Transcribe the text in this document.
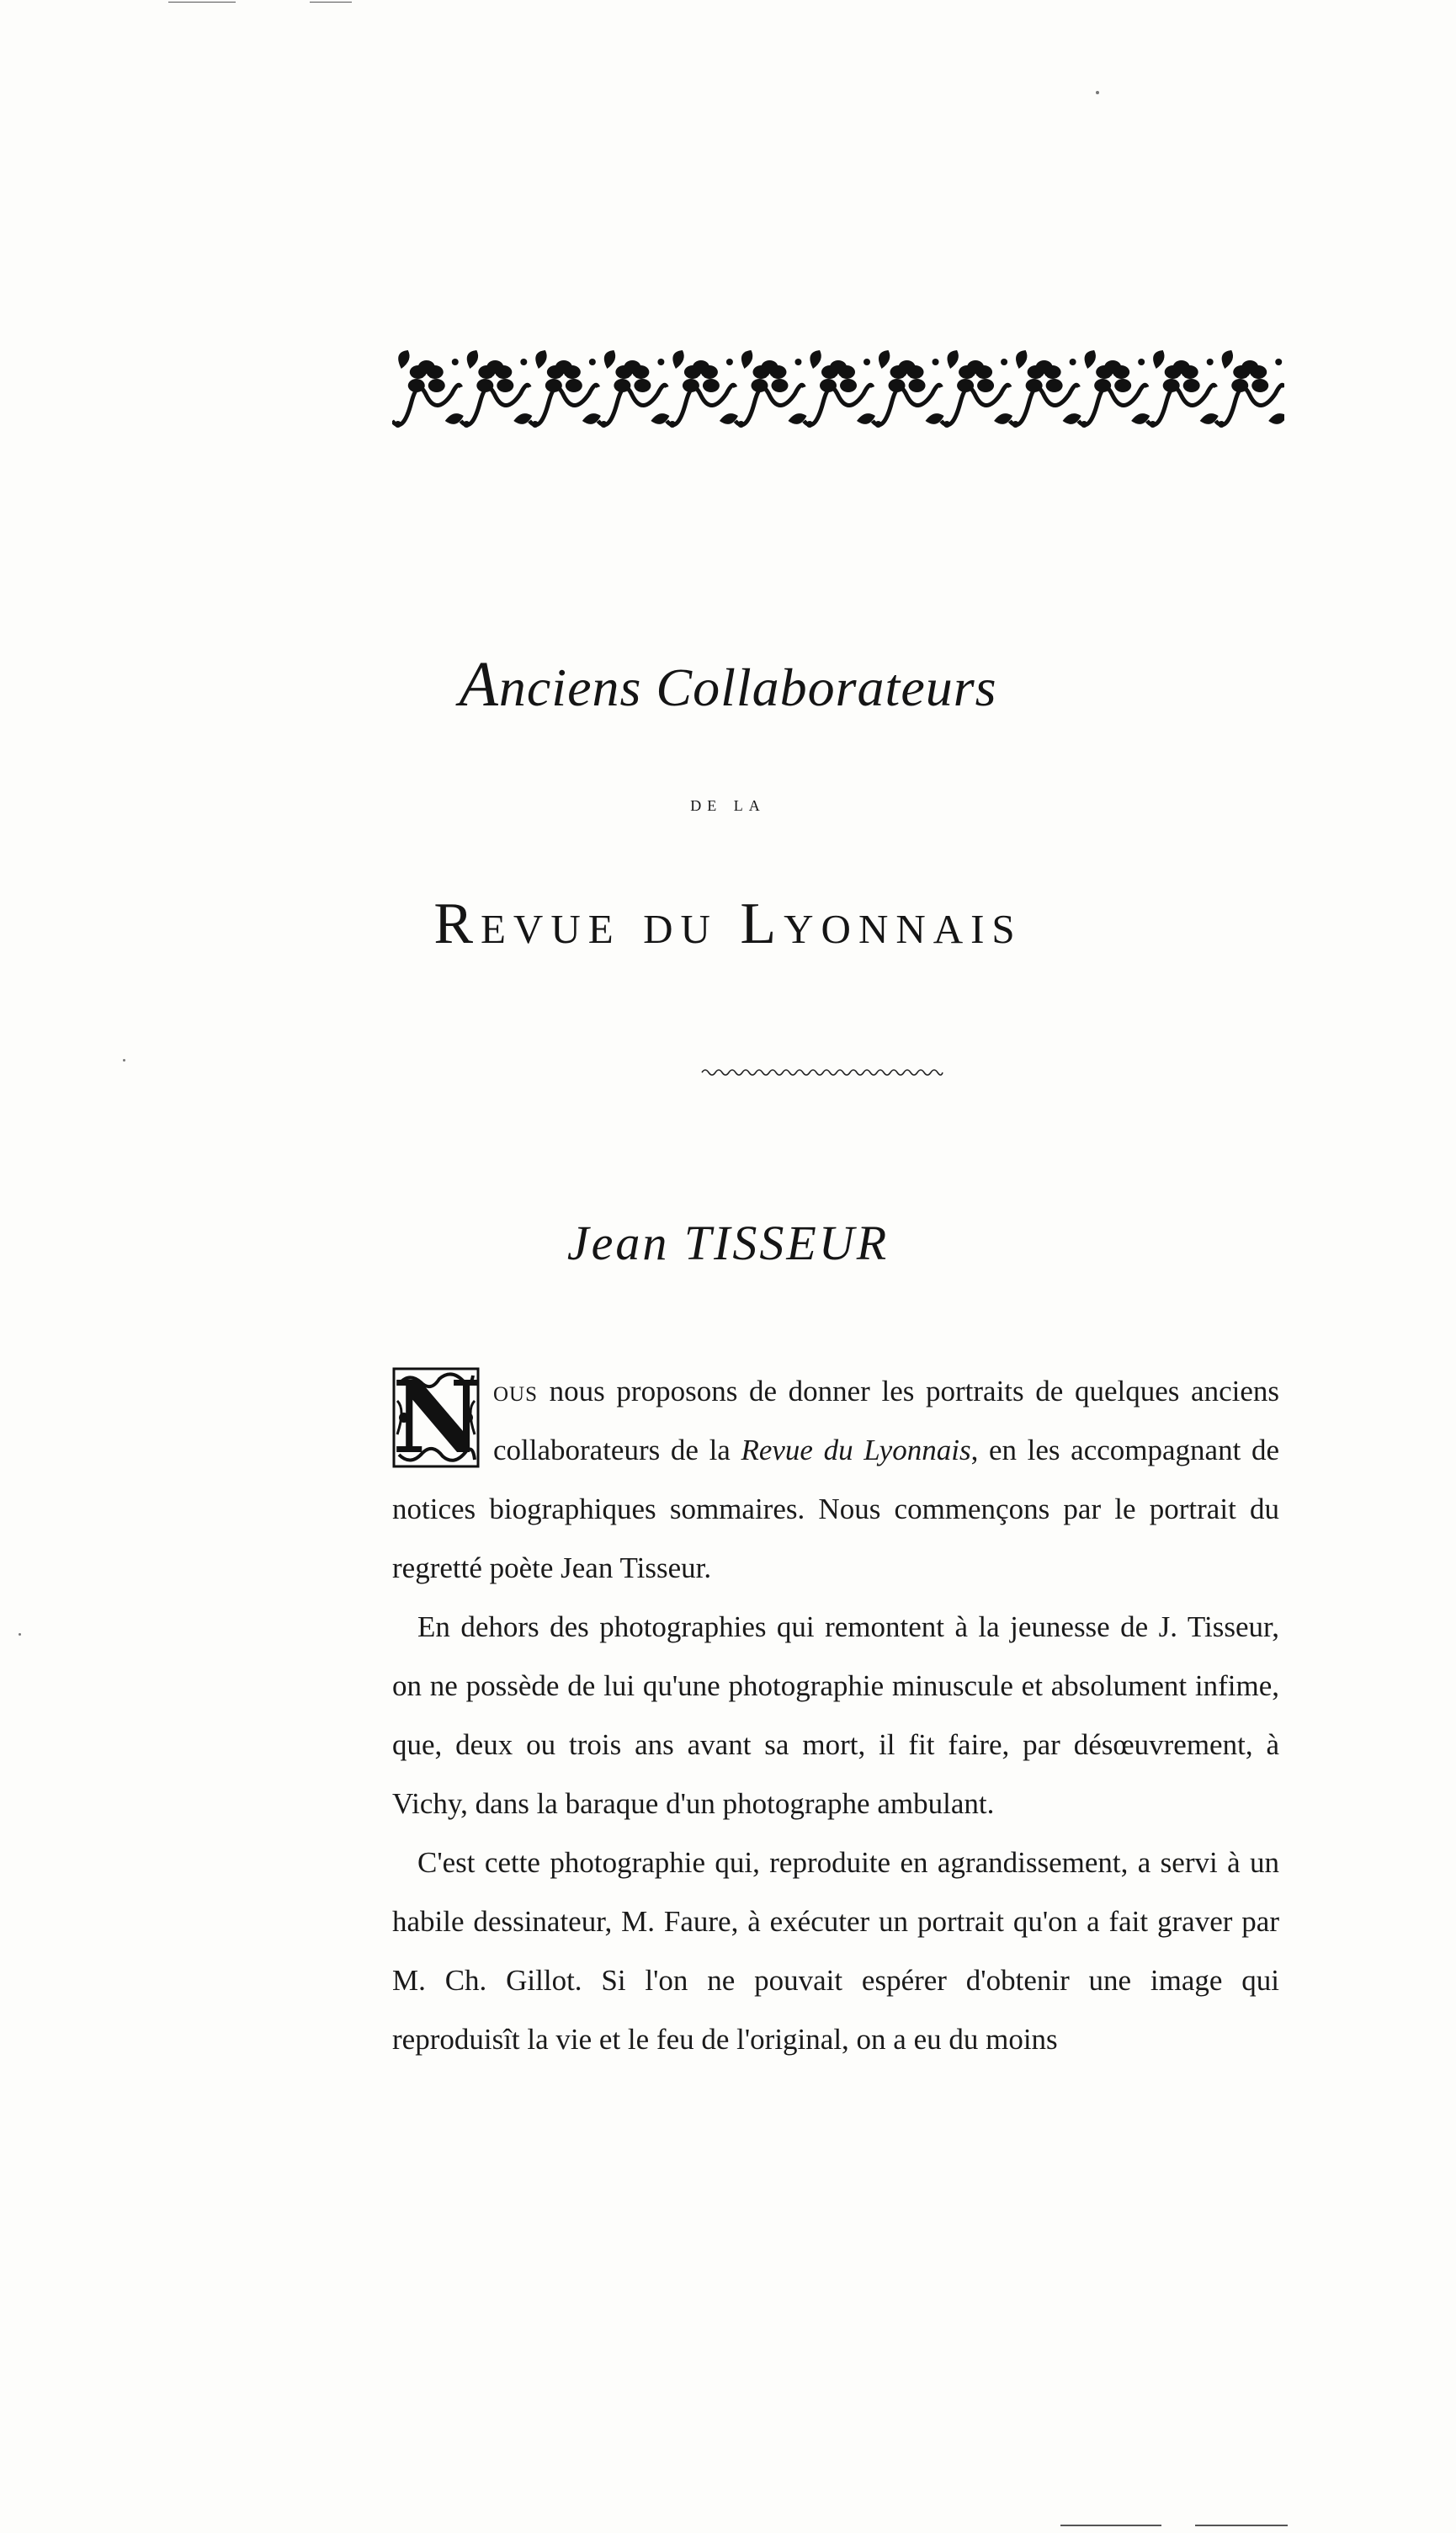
Anciens Collaborateurs
de la
Revue du Lyonnais
Jean TISSEUR

N ous nous proposons de donner les portraits de quelques anciens collaborateurs de la Revue du Lyonnais, en les accompagnant de notices biographiques sommaires. Nous commençons par le portrait du regretté poète Jean Tisseur.

En dehors des photographies qui remontent à la jeunesse de J. Tisseur, on ne possède de lui qu'une photographie minuscule et absolument infime, que, deux ou trois ans avant sa mort, il fit faire, par désœuvrement, à Vichy, dans la baraque d'un photographe ambulant.

C'est cette photographie qui, reproduite en agrandissement, a servi à un habile dessinateur, M. Faure, à exécuter un portrait qu'on a fait graver par M. Ch. Gillot. Si l'on ne pouvait espérer d'obtenir une image qui reproduisît la vie et le feu de l'original, on a eu du moins
